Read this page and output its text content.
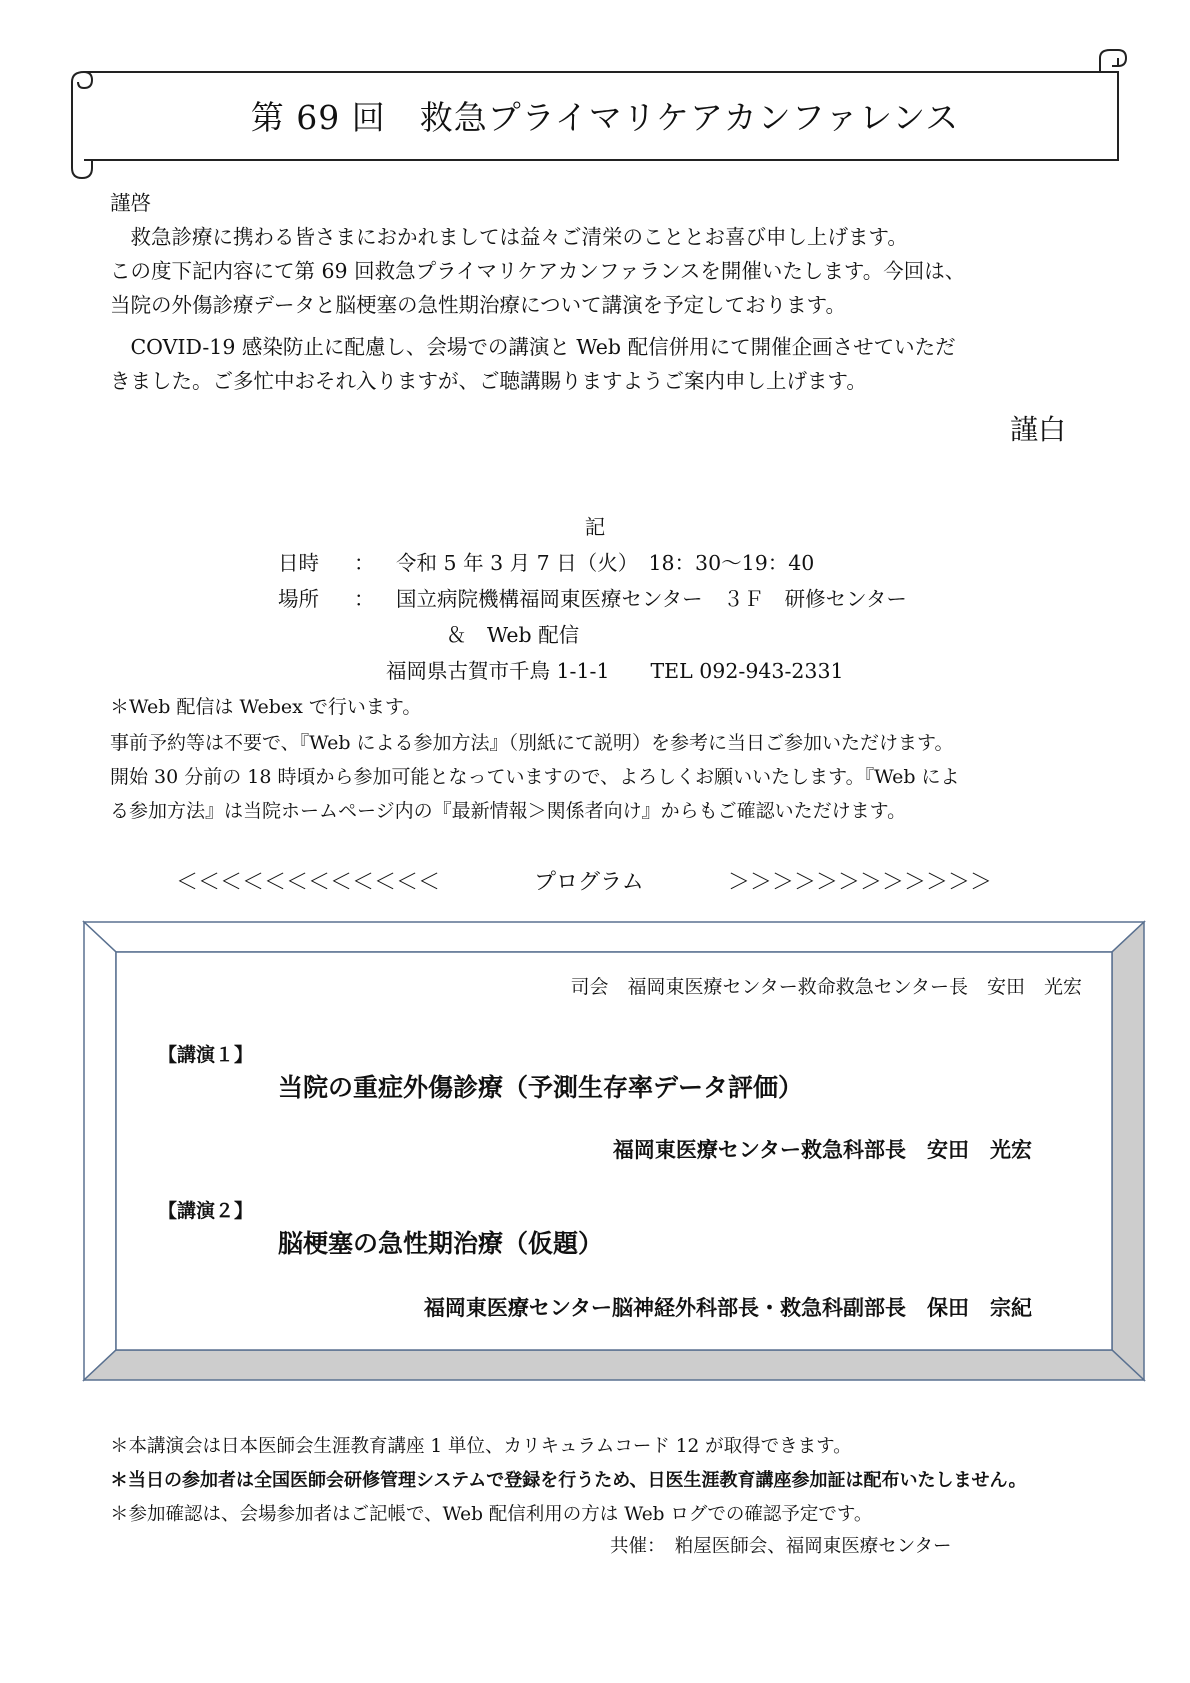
第 69 回　救急プライマリケアカンファレンス
謹啓
　救急診療に携わる皆さまにおかれましては益々ご清栄のこととお喜び申し上げます。
この度下記内容にて第 69 回救急プライマリケアカンファランスを開催いたします。今回は、
当院の外傷診療データと脳梗塞の急性期治療について講演を予定しております。
　COVID-19 感染防止に配慮し、会場での講演と Web 配信併用にて開催企画させていただ
きました。ご多忙中おそれ入りますが、ご聴講賜りますようご案内申し上げます。
謹白
記
日時 ： 令和 5 年 3 月 7 日（火）　18：30〜19：40
場所 ： 国立病院機構福岡東医療センター　３Ｆ　研修センター
＆　Web 配信
福岡県古賀市千鳥 1-1-1　　TEL 092-943-2331
＊Web 配信は Webex で行います。
事前予約等は不要で、『Web による参加方法』（別紙にて説明）を参考に当日ご参加いただけます。
開始 30 分前の 18 時頃から参加可能となっていますので、よろしくお願いいたします。『Web によ
る参加方法』は当院ホームページ内の『最新情報＞関係者向け』からもご確認いただけます。
＜＜＜＜＜＜＜＜＜＜＜＜	プログラム	＞＞＞＞＞＞＞＞＞＞＞＞
司会　福岡東医療センター救命救急センター長　安田　光宏
【講演１】
当院の重症外傷診療（予測生存率データ評価）
福岡東医療センター救急科部長　安田　光宏
【講演２】
脳梗塞の急性期治療（仮題）
福岡東医療センター脳神経外科部長・救急科副部長　保田　宗紀
＊本講演会は日本医師会生涯教育講座 1 単位、カリキュラムコード 12 が取得できます。
＊当日の参加者は全国医師会研修管理システムで登録を行うため、日医生涯教育講座参加証は配布いたしません。
＊参加確認は、会場参加者はご記帳で、Web 配信利用の方は Web ログでの確認予定です。
共催：　粕屋医師会、福岡東医療センター
